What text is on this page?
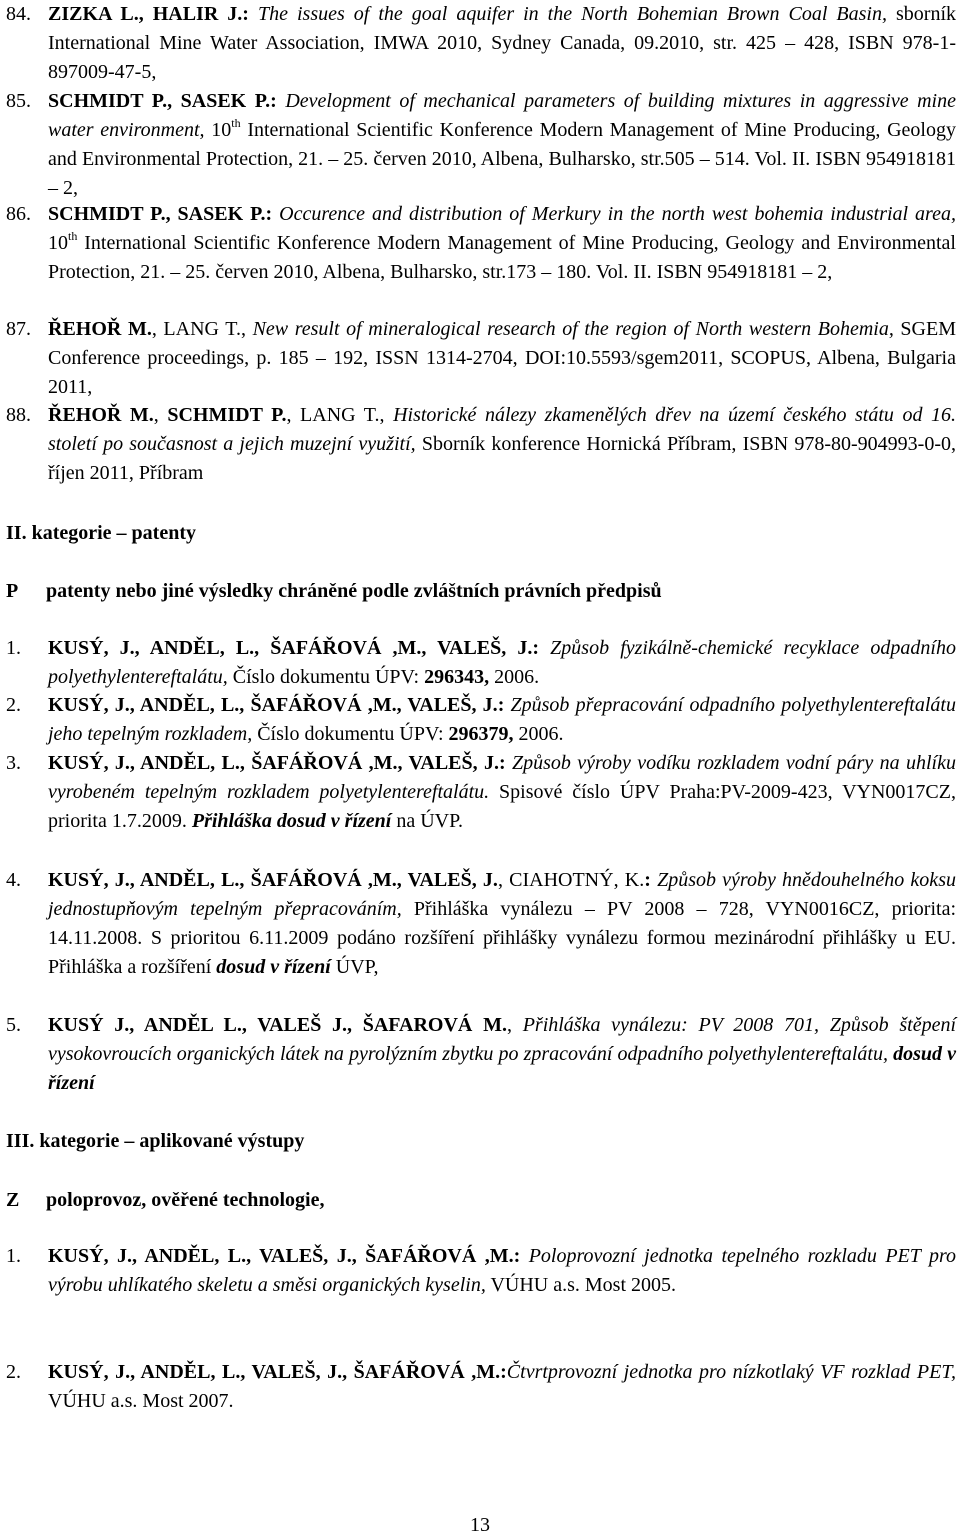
84. ZIZKA L., HALIR J.: The issues of the goal aquifer in the North Bohemian Brown Coal Basin, sborník International Mine Water Association, IMWA 2010, Sydney Canada, 09.2010, str. 425 – 428, ISBN 978-1-897009-47-5,
85. SCHMIDT P., SASEK P.: Development of mechanical parameters of building mixtures in aggressive mine water environment, 10th International Scientific Konference Modern Management of Mine Producing, Geology and Environmental Protection, 21. – 25. červen 2010, Albena, Bulharsko, str.505 – 514. Vol. II. ISBN 954918181 – 2,
86. SCHMIDT P., SASEK P.: Occurence and distribution of Merkury in the north west bohemia industrial area, 10th International Scientific Konference Modern Management of Mine Producing, Geology and Environmental Protection, 21. – 25. červen 2010, Albena, Bulharsko, str.173 – 180. Vol. II. ISBN 954918181 – 2,
87. ŘEHOŘ M., LANG T., New result of mineralogical research of the region of North western Bohemia, SGEM Conference proceedings, p. 185 – 192, ISSN 1314-2704, DOI:10.5593/sgem2011, SCOPUS, Albena, Bulgaria 2011,
88. ŘEHOŘ M., SCHMIDT P., LANG T., Historické nálezy zkamenělých dřev na území českého státu od 16. století po současnost a jejich muzejní využití, Sborník konference Hornická Příbram, ISBN 978-80-904993-0-0, říjen 2011, Příbram
II. kategorie – patenty
P patenty nebo jiné výsledky chráněné podle zvláštních právních předpisů
1. KUSÝ, J., ANDĚL, L., ŠAFÁŘOVÁ ,M., VALEŠ, J.: Způsob fyzikálně-chemické recyklace odpadního polyethylentereftalátu, Číslo dokumentu ÚPV: 296343, 2006.
2. KUSÝ, J., ANDĚL, L., ŠAFÁŘOVÁ ,M., VALEŠ, J.: Způsob přepracování odpadního polyethylentereftalátu jeho tepelným rozkladem, Číslo dokumentu ÚPV: 296379, 2006.
3. KUSÝ, J., ANDĚL, L., ŠAFÁŘOVÁ ,M., VALEŠ, J.: Způsob výroby vodíku rozkladem vodní páry na uhlíku vyrobeném tepelným rozkladem polyetylentereftalátu. Spisové číslo ÚPV Praha:PV-2009-423, VYN0017CZ, priorita 1.7.2009. Přihláška dosud v řízení na ÚVP.
4. KUSÝ, J., ANDĚL, L., ŠAFÁŘOVÁ ,M., VALEŠ, J., CIAHOTNÝ, K.: Způsob výroby hnědouhelného koksu jednostupňovým tepelným přepracováním, Přihláška vynálezu – PV 2008 – 728, VYN0016CZ, priorita: 14.11.2008. S prioritou 6.11.2009 podáno rozšíření přihlášky vynálezu formou mezinárodní přihlášky u EU. Přihláška a rozšíření dosud v řízení ÚVP,
5. KUSÝ J., ANDĚL L., VALEŠ J., ŠAFAROVÁ M., Přihláška vynálezu: PV 2008 701, Způsob štěpení vysokovroucích organických látek na pyrolýzním zbytku po zpracování odpadního polyethylentereftalátu, dosud v řízení
III. kategorie – aplikované výstupy
Z poloprovoz, ověřené technologie,
1. KUSÝ, J., ANDĚL, L., VALEŠ, J., ŠAFÁŘOVÁ ,M.: Poloprovozní jednotka tepelného rozkladu PET pro výrobu uhlíkatého skeletu a směsi organických kyselin, VÚHU a.s. Most 2005.
2. KUSÝ, J., ANDĚL, L., VALEŠ, J., ŠAFÁŘOVÁ ,M.:Čtvrtprovozní jednotka pro nízkotlaký VF rozklad PET, VÚHU a.s. Most 2007.
13
